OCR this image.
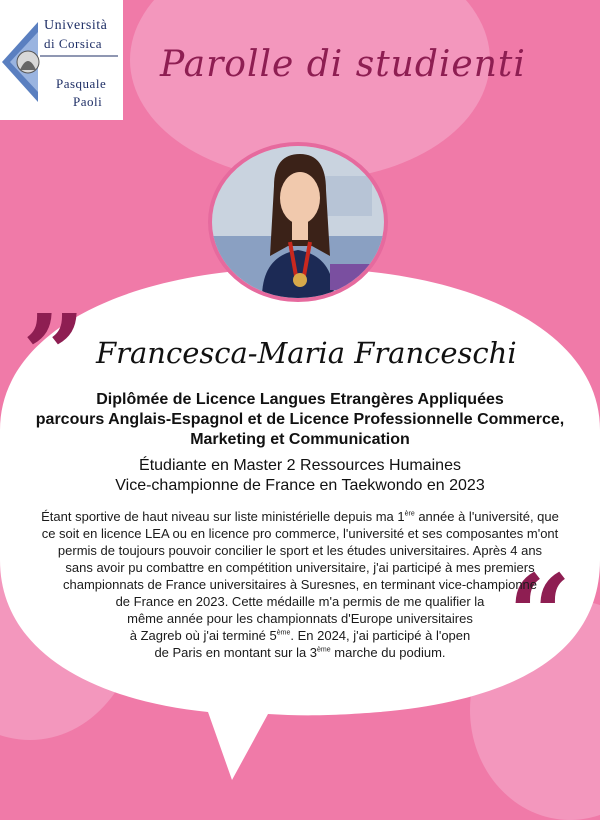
Università
di Corsica
Pasquale
Paoli
Parolle di studienti
”
“
Francesca-Maria Franceschi
Diplômée de Licence Langues Etrangères Appliquées
parcours Anglais-Espagnol et de Licence Professionnelle Commerce,
Marketing et Communication
Étudiante en Master 2 Ressources Humaines
Vice-championne de France en Taekwondo en 2023
Étant sportive de haut niveau sur liste ministérielle depuis ma 1ère année à l'université, que
ce soit en licence LEA ou en licence pro commerce, l'université et ses composantes m'ont
permis de toujours pouvoir concilier le sport et les études universitaires. Après 4 ans
sans avoir pu combattre en compétition universitaire, j'ai participé à mes premiers
championnats de France universitaires à Suresnes, en terminant vice-championne
de France en 2023. Cette médaille m'a permis de me qualifier la
même année pour les championnats d'Europe universitaires
à Zagreb où j'ai terminé 5ème. En 2024, j'ai participé à l'open
de Paris en montant sur la 3ème marche du podium.
